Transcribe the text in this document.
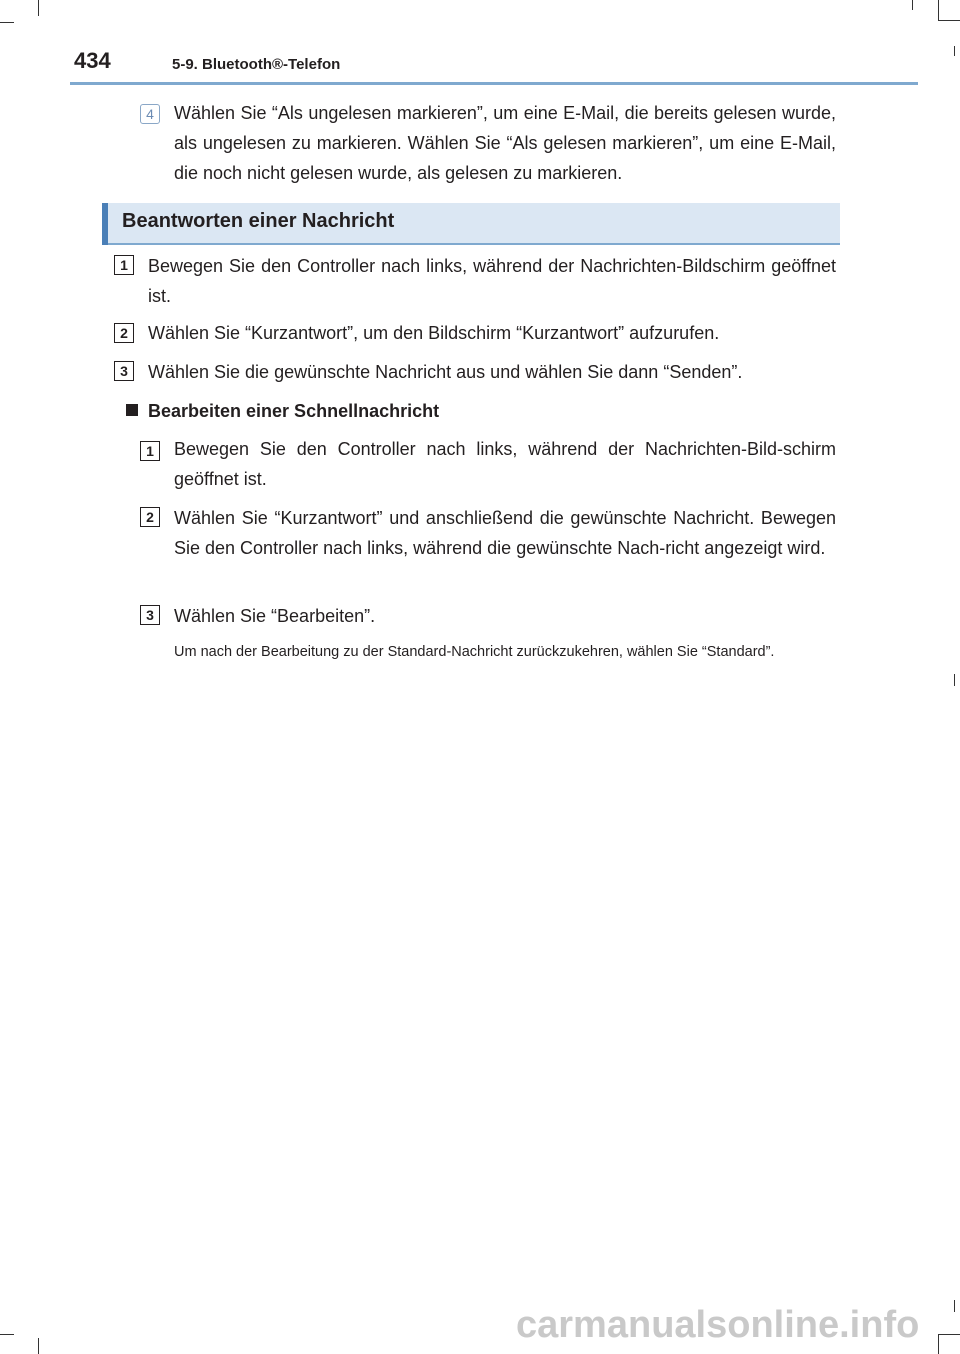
434	5-9. Bluetooth®-Telefon
4	Wählen Sie “Als ungelesen markieren”, um eine E-Mail, die bereits gelesen wurde, als ungelesen zu markieren. Wählen Sie “Als gelesen markieren”, um eine E-Mail, die noch nicht gelesen wurde, als gelesen zu markieren.
Beantworten einer Nachricht
1	Bewegen Sie den Controller nach links, während der Nachrichten-Bildschirm geöffnet ist.
2	Wählen Sie “Kurzantwort”, um den Bildschirm “Kurzantwort” aufzurufen.
3	Wählen Sie die gewünschte Nachricht aus und wählen Sie dann “Senden”.
Bearbeiten einer Schnellnachricht
1	Bewegen Sie den Controller nach links, während der Nachrichten-Bild-schirm geöffnet ist.
2	Wählen Sie “Kurzantwort” und anschließend die gewünschte Nachricht. Bewegen Sie den Controller nach links, während die gewünschte Nach-richt angezeigt wird.
3	Wählen Sie “Bearbeiten”.
Um nach der Bearbeitung zu der Standard-Nachricht zurückzukehren, wählen Sie “Standard”.
carmanualsonline.info
